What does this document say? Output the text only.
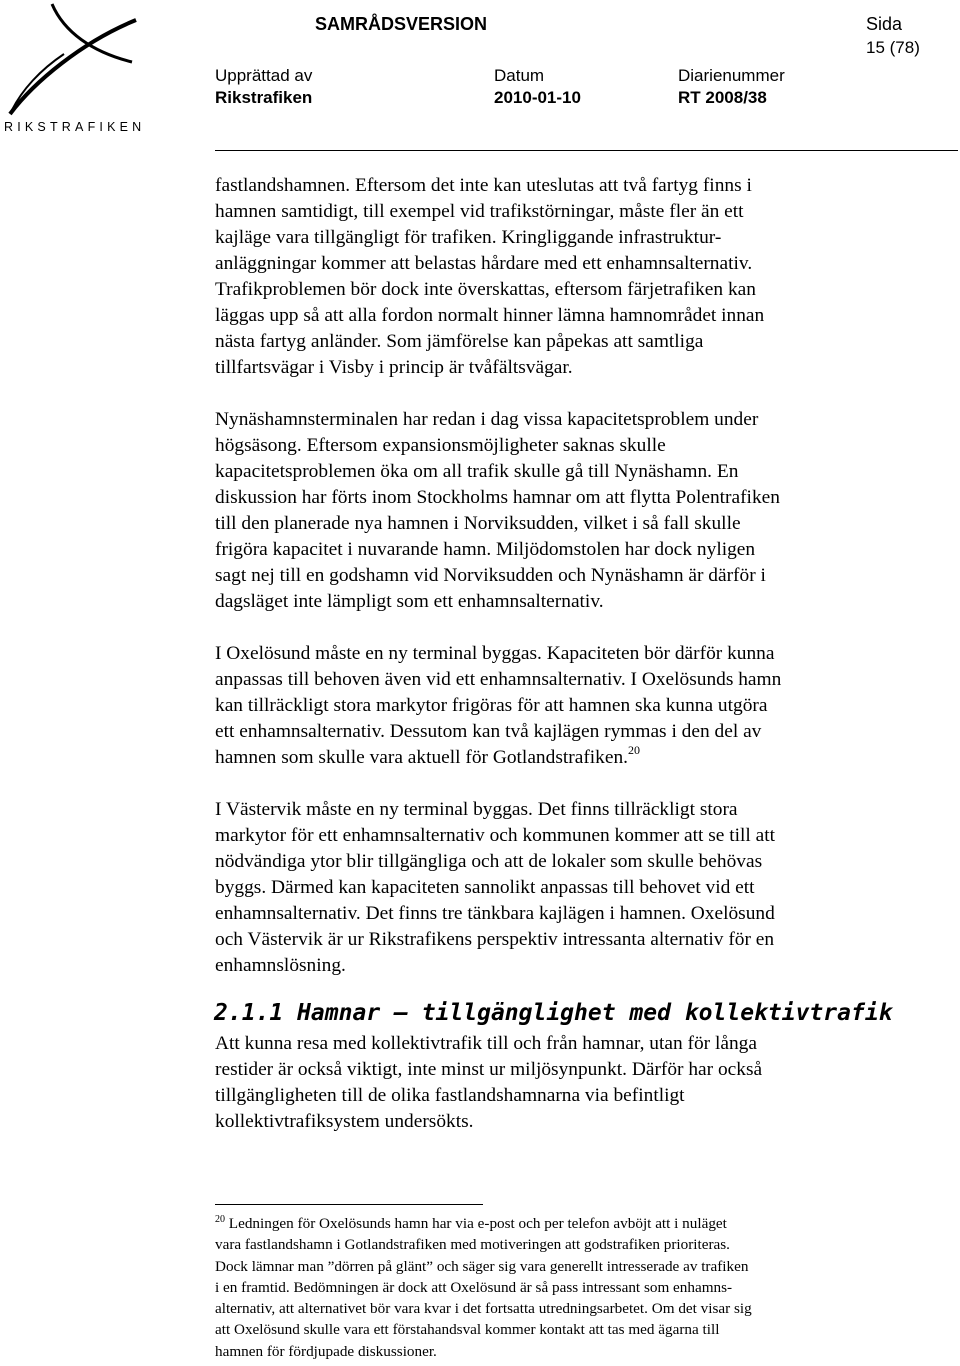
RIKSTRAFIKEN
SAMRÅDSVERSION	Sida
15 (78)
Upprättad av
Rikstrafiken
Datum
2010-01-10
Diarienummer
RT 2008/38

fastlandshamnen. Eftersom det inte kan uteslutas att två fartyg finns i

hamnen samtidigt, till exempel vid trafikstörningar, måste fler än ett

kajläge vara tillgängligt för trafiken. Kringliggande infrastruktur-

anläggningar kommer att belastas hårdare med ett enhamnsalternativ.

Trafikproblemen bör dock inte överskattas, eftersom färjetrafiken kan

läggas upp så att alla fordon normalt hinner lämna hamnområdet innan

nästa fartyg anländer. Som jämförelse kan påpekas att samtliga

tillfartsvägar i Visby i princip är tvåfältsvägar.

Nynäshamnsterminalen har redan i dag vissa kapacitetsproblem under

högsäsong. Eftersom expansionsmöjligheter saknas skulle

kapacitetsproblemen öka om all trafik skulle gå till Nynäshamn. En

diskussion har förts inom Stockholms hamnar om att flytta Polentrafiken

till den planerade nya hamnen i Norviksudden, vilket i så fall skulle

frigöra kapacitet i nuvarande hamn. Miljödomstolen har dock nyligen

sagt nej till en godshamn vid Norviksudden och Nynäshamn är därför i

dagsläget inte lämpligt som ett enhamnsalternativ.

I Oxelösund måste en ny terminal byggas. Kapaciteten bör därför kunna

anpassas till behoven även vid ett enhamnsalternativ. I Oxelösunds hamn

kan tillräckligt stora markytor frigöras för att hamnen ska kunna utgöra

ett enhamnsalternativ. Dessutom kan två kajlägen rymmas i den del av

hamnen som skulle vara aktuell för Gotlandstrafiken.$^{20}$

I Västervik måste en ny terminal byggas. Det finns tillräckligt stora

markytor för ett enhamnsalternativ och kommunen kommer att se till att

nödvändiga ytor blir tillgängliga och att de lokaler som skulle behövas

byggs. Därmed kan kapaciteten sannolikt anpassas till behovet vid ett

enhamnsalternativ. Det finns tre tänkbara kajlägen i hamnen. Oxelösund

och Västervik är ur Rikstrafikens perspektiv intressanta alternativ för en

enhamnslösning.

2.1.1 Hamnar – tillgänglighet med kollektivtrafik

Att kunna resa med kollektivtrafik till och från hamnar, utan för långa

restider är också viktigt, inte minst ur miljösynpunkt. Därför har också

tillgängligheten till de olika fastlandshamnarna via befintligt

kollektivtrafiksystem undersökts.

$^{20}$ Ledningen för Oxelösunds hamn har via e-post och per telefon avböjt att i nuläget

vara fastlandshamn i Gotlandstrafiken med motiveringen att godstrafiken prioriteras.

Dock lämnar man ”dörren på glänt” och säger sig vara generellt intresserade av trafiken

i en framtid. Bedömningen är dock att Oxelösund är så pass intressant som enhamns-

alternativ, att alternativet bör vara kvar i det fortsatta utredningsarbetet. Om det visar sig

att Oxelösund skulle vara ett förstahandsval kommer kontakt att tas med ägarna till

hamnen för fördjupade diskussioner.
